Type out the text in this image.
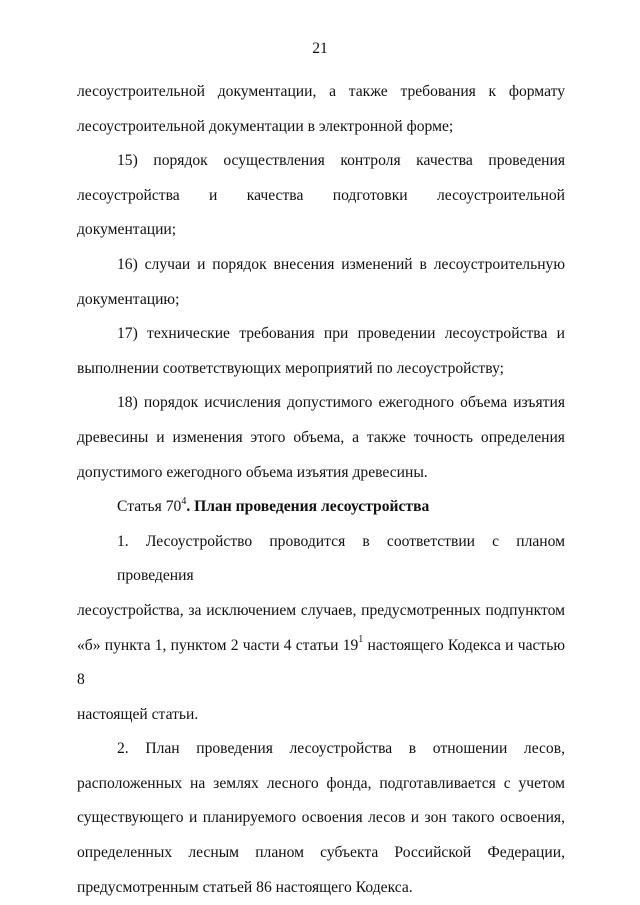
21

лесоустроительной документации, а также требования к формату
лесоустроительной документации в электронной форме;

15) порядок осуществления контроля качества проведения
лесоустройства и качества подготовки лесоустроительной документации;

16) случаи и порядок внесения изменений в лесоустроительную
документацию;

17) технические требования при проведении лесоустройства и
выполнении соответствующих мероприятий по лесоустройству;

18) порядок исчисления допустимого ежегодного объема изъятия
древесины и изменения этого объема, а также точность определения
допустимого ежегодного объема изъятия древесины.

Статья $70^4$. План проведения лесоустройства

1. Лесоустройство проводится в соответствии с планом проведения
лесоустройства, за исключением случаев, предусмотренных подпунктом
«б» пункта 1, пунктом 2 части 4 статьи $19^1$ настоящего Кодекса и частью 8
настоящей статьи.

2. План проведения лесоустройства в отношении лесов,
расположенных на землях лесного фонда, подготавливается с учетом
существующего и планируемого освоения лесов и зон такого освоения,
определенных лесным планом субъекта Российской Федерации,
предусмотренным статьей 86 настоящего Кодекса.
